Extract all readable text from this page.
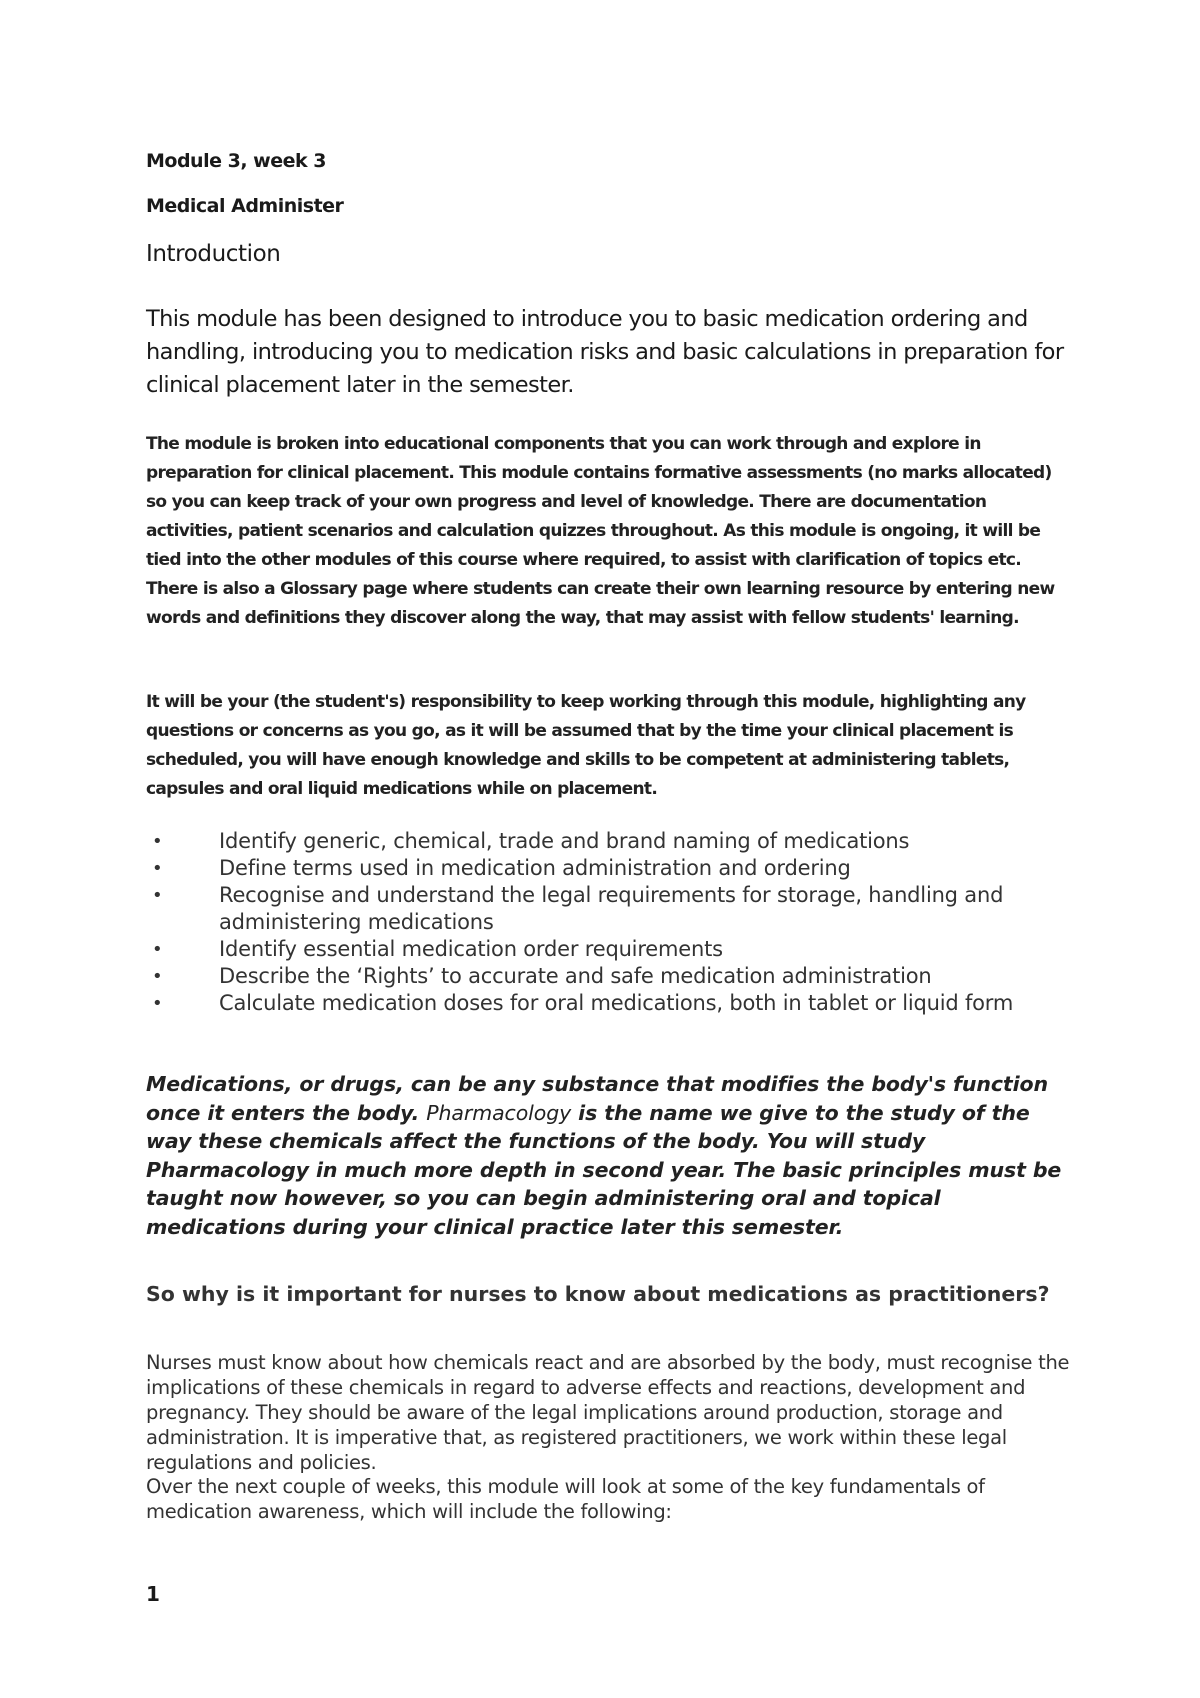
Module 3, week 3

Medical Administer

Introduction

This module has been designed to introduce you to basic medication ordering and handling, introducing you to medication risks and basic calculations in preparation for clinical placement later in the semester.

The module is broken into educational components that you can work through and explore in preparation for clinical placement. This module contains formative assessments (no marks allocated) so you can keep track of your own progress and level of knowledge. There are documentation activities, patient scenarios and calculation quizzes throughout. As this module is ongoing, it will be tied into the other modules of this course where required, to assist with clarification of topics etc. There is also a Glossary page where students can create their own learning resource by entering new words and definitions they discover along the way, that may assist with fellow students' learning.

It will be your (the student's) responsibility to keep working through this module, highlighting any questions or concerns as you go, as it will be assumed that by the time your clinical placement is scheduled, you will have enough knowledge and skills to be competent at administering tablets, capsules and oral liquid medications while on placement.

•	Identify generic, chemical, trade and brand naming of medications
•	Define terms used in medication administration and ordering
•	Recognise and understand the legal requirements for storage, handling and administering medications
•	Identify essential medication order requirements
•	Describe the ‘Rights’ to accurate and safe medication administration
•	Calculate medication doses for oral medications, both in tablet or liquid form

Medications, or drugs, can be any substance that modifies the body's function once it enters the body. Pharmacology is the name we give to the study of the way these chemicals affect the functions of the body. You will study Pharmacology in much more depth in second year. The basic principles must be taught now however, so you can begin administering oral and topical medications during your clinical practice later this semester.

So why is it important for nurses to know about medications as practitioners?

Nurses must know about how chemicals react and are absorbed by the body, must recognise the implications of these chemicals in regard to adverse effects and reactions, development and pregnancy. They should be aware of the legal implications around production, storage and administration. It is imperative that, as registered practitioners, we work within these legal regulations and policies.

Over the next couple of weeks, this module will look at some of the key fundamentals of medication awareness, which will include the following:

1
